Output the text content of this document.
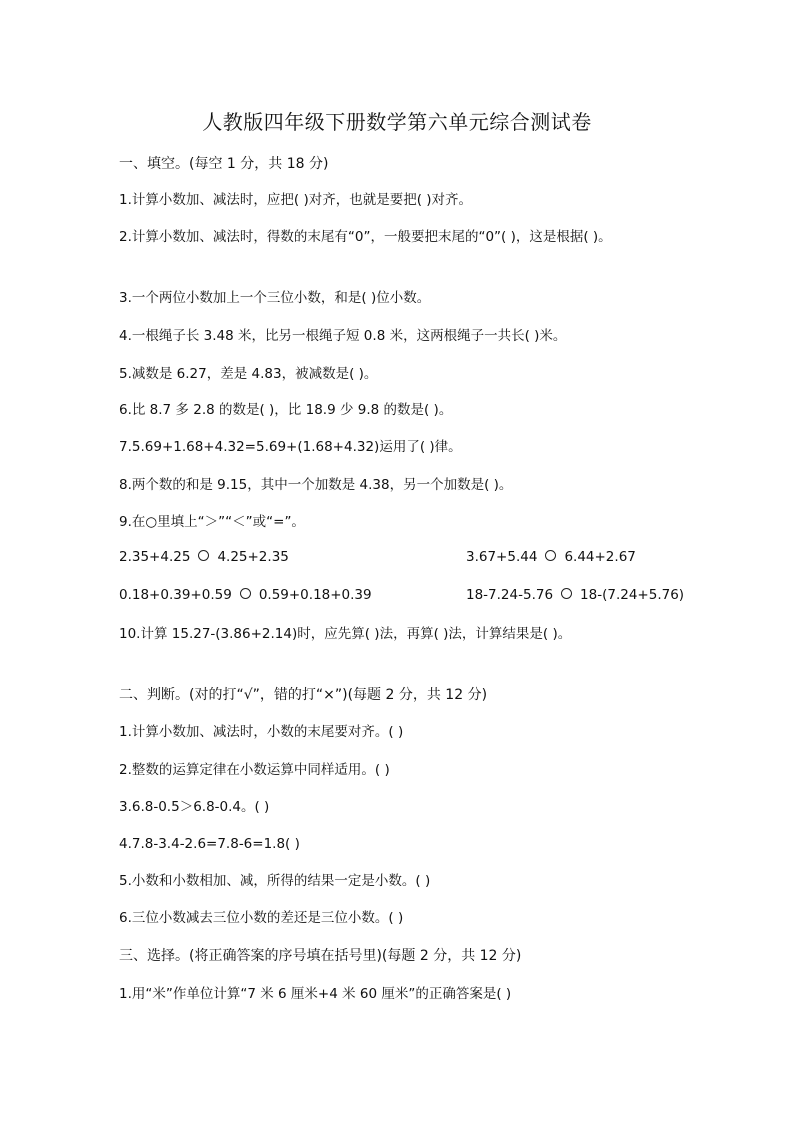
人教版四年级下册数学第六单元综合测试卷
一、填空。(每空 1 分，共 18 分)
1.计算小数加、减法时，应把( )对齐，也就是要把( )对齐。
2.计算小数加、减法时，得数的末尾有“0”，一般要把末尾的“0”( )，这是根据( )。
3.一个两位小数加上一个三位小数，和是( )位小数。
4.一根绳子长 3.48 米，比另一根绳子短 0.8 米，这两根绳子一共长( )米。
5.减数是 6.27，差是 4.83，被减数是( )。
6.比 8.7 多 2.8 的数是( )，比 18.9 少 9.8 的数是( )。
7.5.69+1.68+4.32=5.69+(1.68+4.32)运用了( )律。
8.两个数的和是 9.15，其中一个加数是 4.38，另一个加数是( )。
9.在○里填上“＞”“＜”或“=”。
2.35+4.25 4.25+2.35	3.67+5.44 6.44+2.67
0.18+0.39+0.59 0.59+0.18+0.39	18-7.24-5.76 18-(7.24+5.76)
10.计算 15.27-(3.86+2.14)时，应先算( )法，再算( )法，计算结果是( )。
二、判断。(对的打“√”，错的打“×”)(每题 2 分，共 12 分)
1.计算小数加、减法时，小数的末尾要对齐。( )
2.整数的运算定律在小数运算中同样适用。( )
3.6.8-0.5＞6.8-0.4。( )
4.7.8-3.4-2.6=7.8-6=1.8( )
5.小数和小数相加、减，所得的结果一定是小数。( )
6.三位小数减去三位小数的差还是三位小数。( )
三、选择。(将正确答案的序号填在括号里)(每题 2 分，共 12 分)
1.用“米”作单位计算“7 米 6 厘米+4 米 60 厘米”的正确答案是( )
